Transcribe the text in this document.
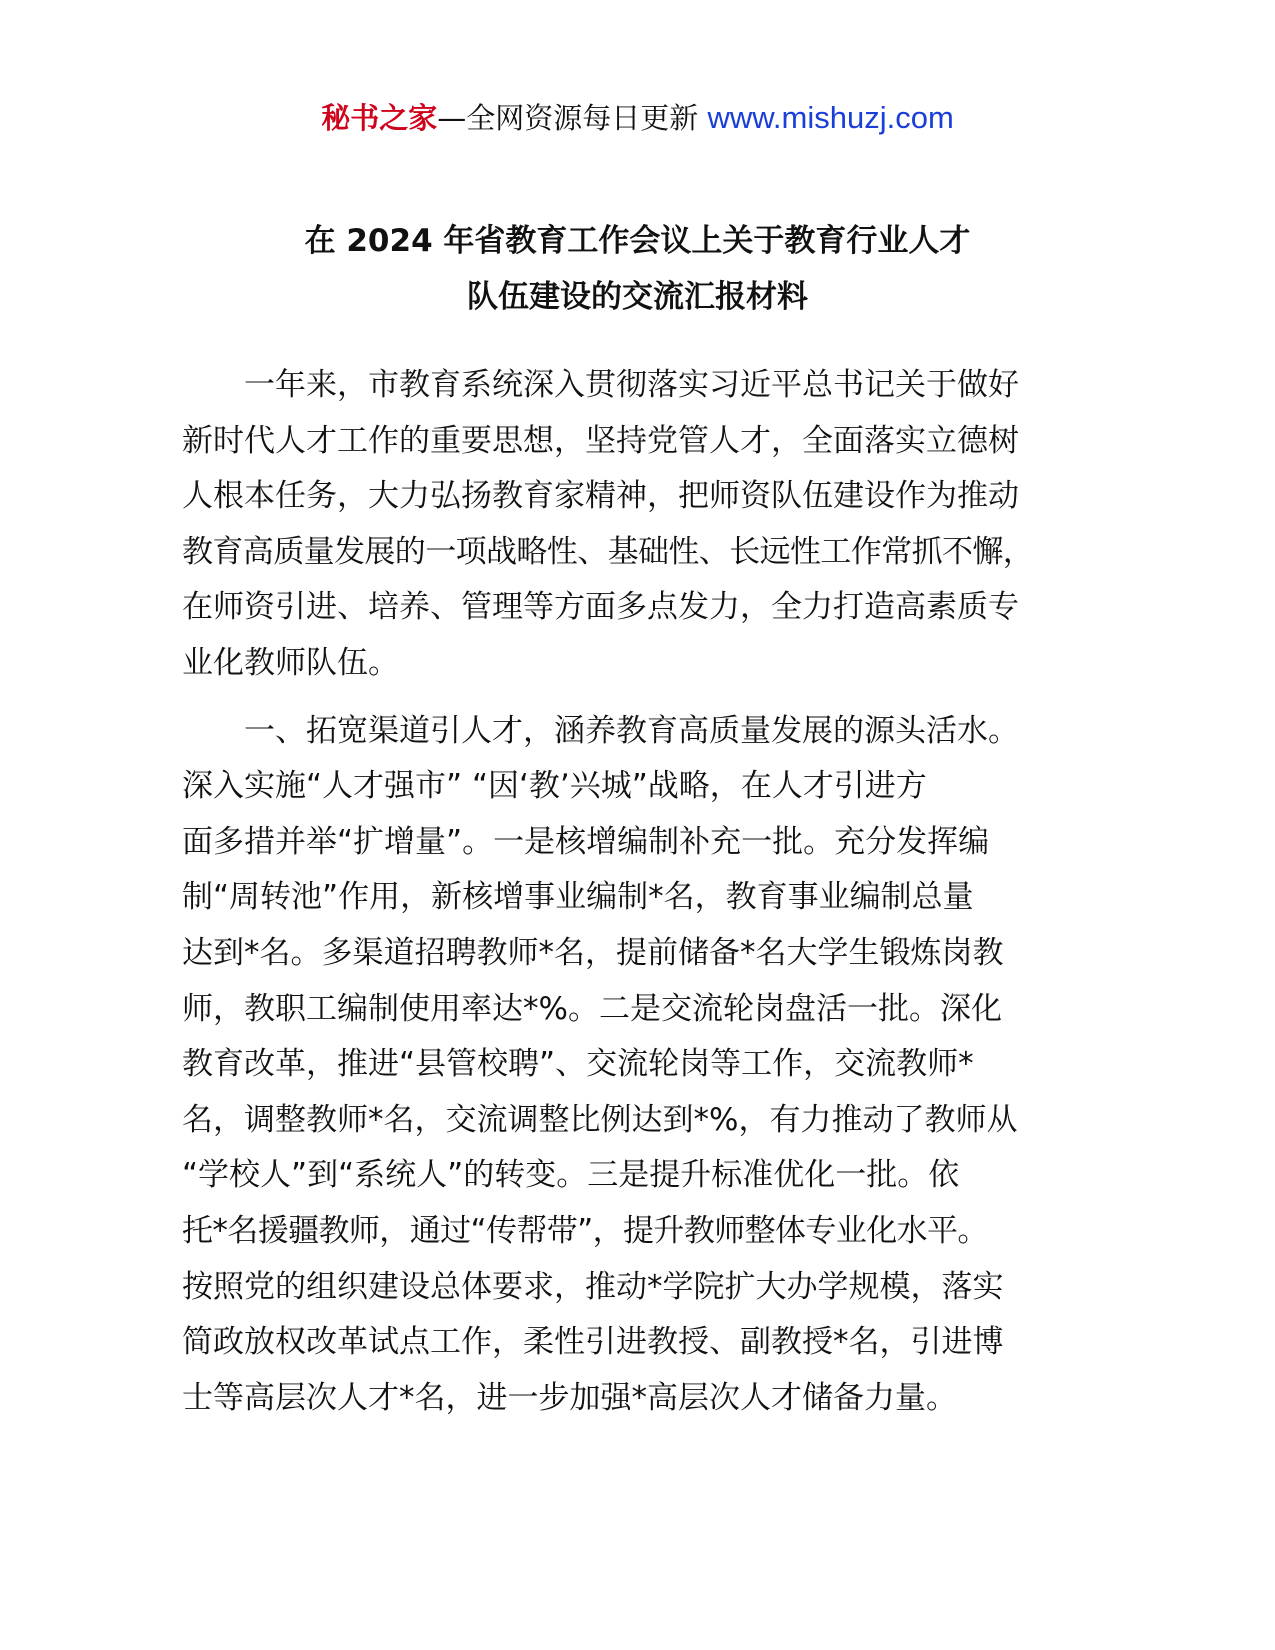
秘书之家—全网资源每日更新 www.mishuzj.com
在 2024 年省教育工作会议上关于教育行业人才
队伍建设的交流汇报材料
一年来，市教育系统深入贯彻落实习近平总书记关于做好
新时代人才工作的重要思想，坚持党管人才，全面落实立德树
人根本任务，大力弘扬教育家精神，把师资队伍建设作为推动
教育高质量发展的一项战略性、基础性、长远性工作常抓不懈，
在师资引进、培养、管理等方面多点发力，全力打造高素质专
业化教师队伍。
一、拓宽渠道引人才，涵养教育高质量发展的源头活水。
深入实施“人才强市” “因‘教’兴城”战略，在人才引进方
面多措并举“扩增量”。一是核增编制补充一批。充分发挥编
制“周转池”作用，新核增事业编制*名，教育事业编制总量
达到*名。多渠道招聘教师*名，提前储备*名大学生锻炼岗教
师，教职工编制使用率达*%。二是交流轮岗盘活一批。深化
教育改革，推进“县管校聘”、交流轮岗等工作，交流教师*
名，调整教师*名，交流调整比例达到*%，有力推动了教师从
“学校人”到“系统人”的转变。三是提升标准优化一批。依
托*名援疆教师，通过“传帮带”，提升教师整体专业化水平。
按照党的组织建设总体要求，推动*学院扩大办学规模，落实
简政放权改革试点工作，柔性引进教授、副教授*名，引进博
士等高层次人才*名，进一步加强*高层次人才储备力量。
